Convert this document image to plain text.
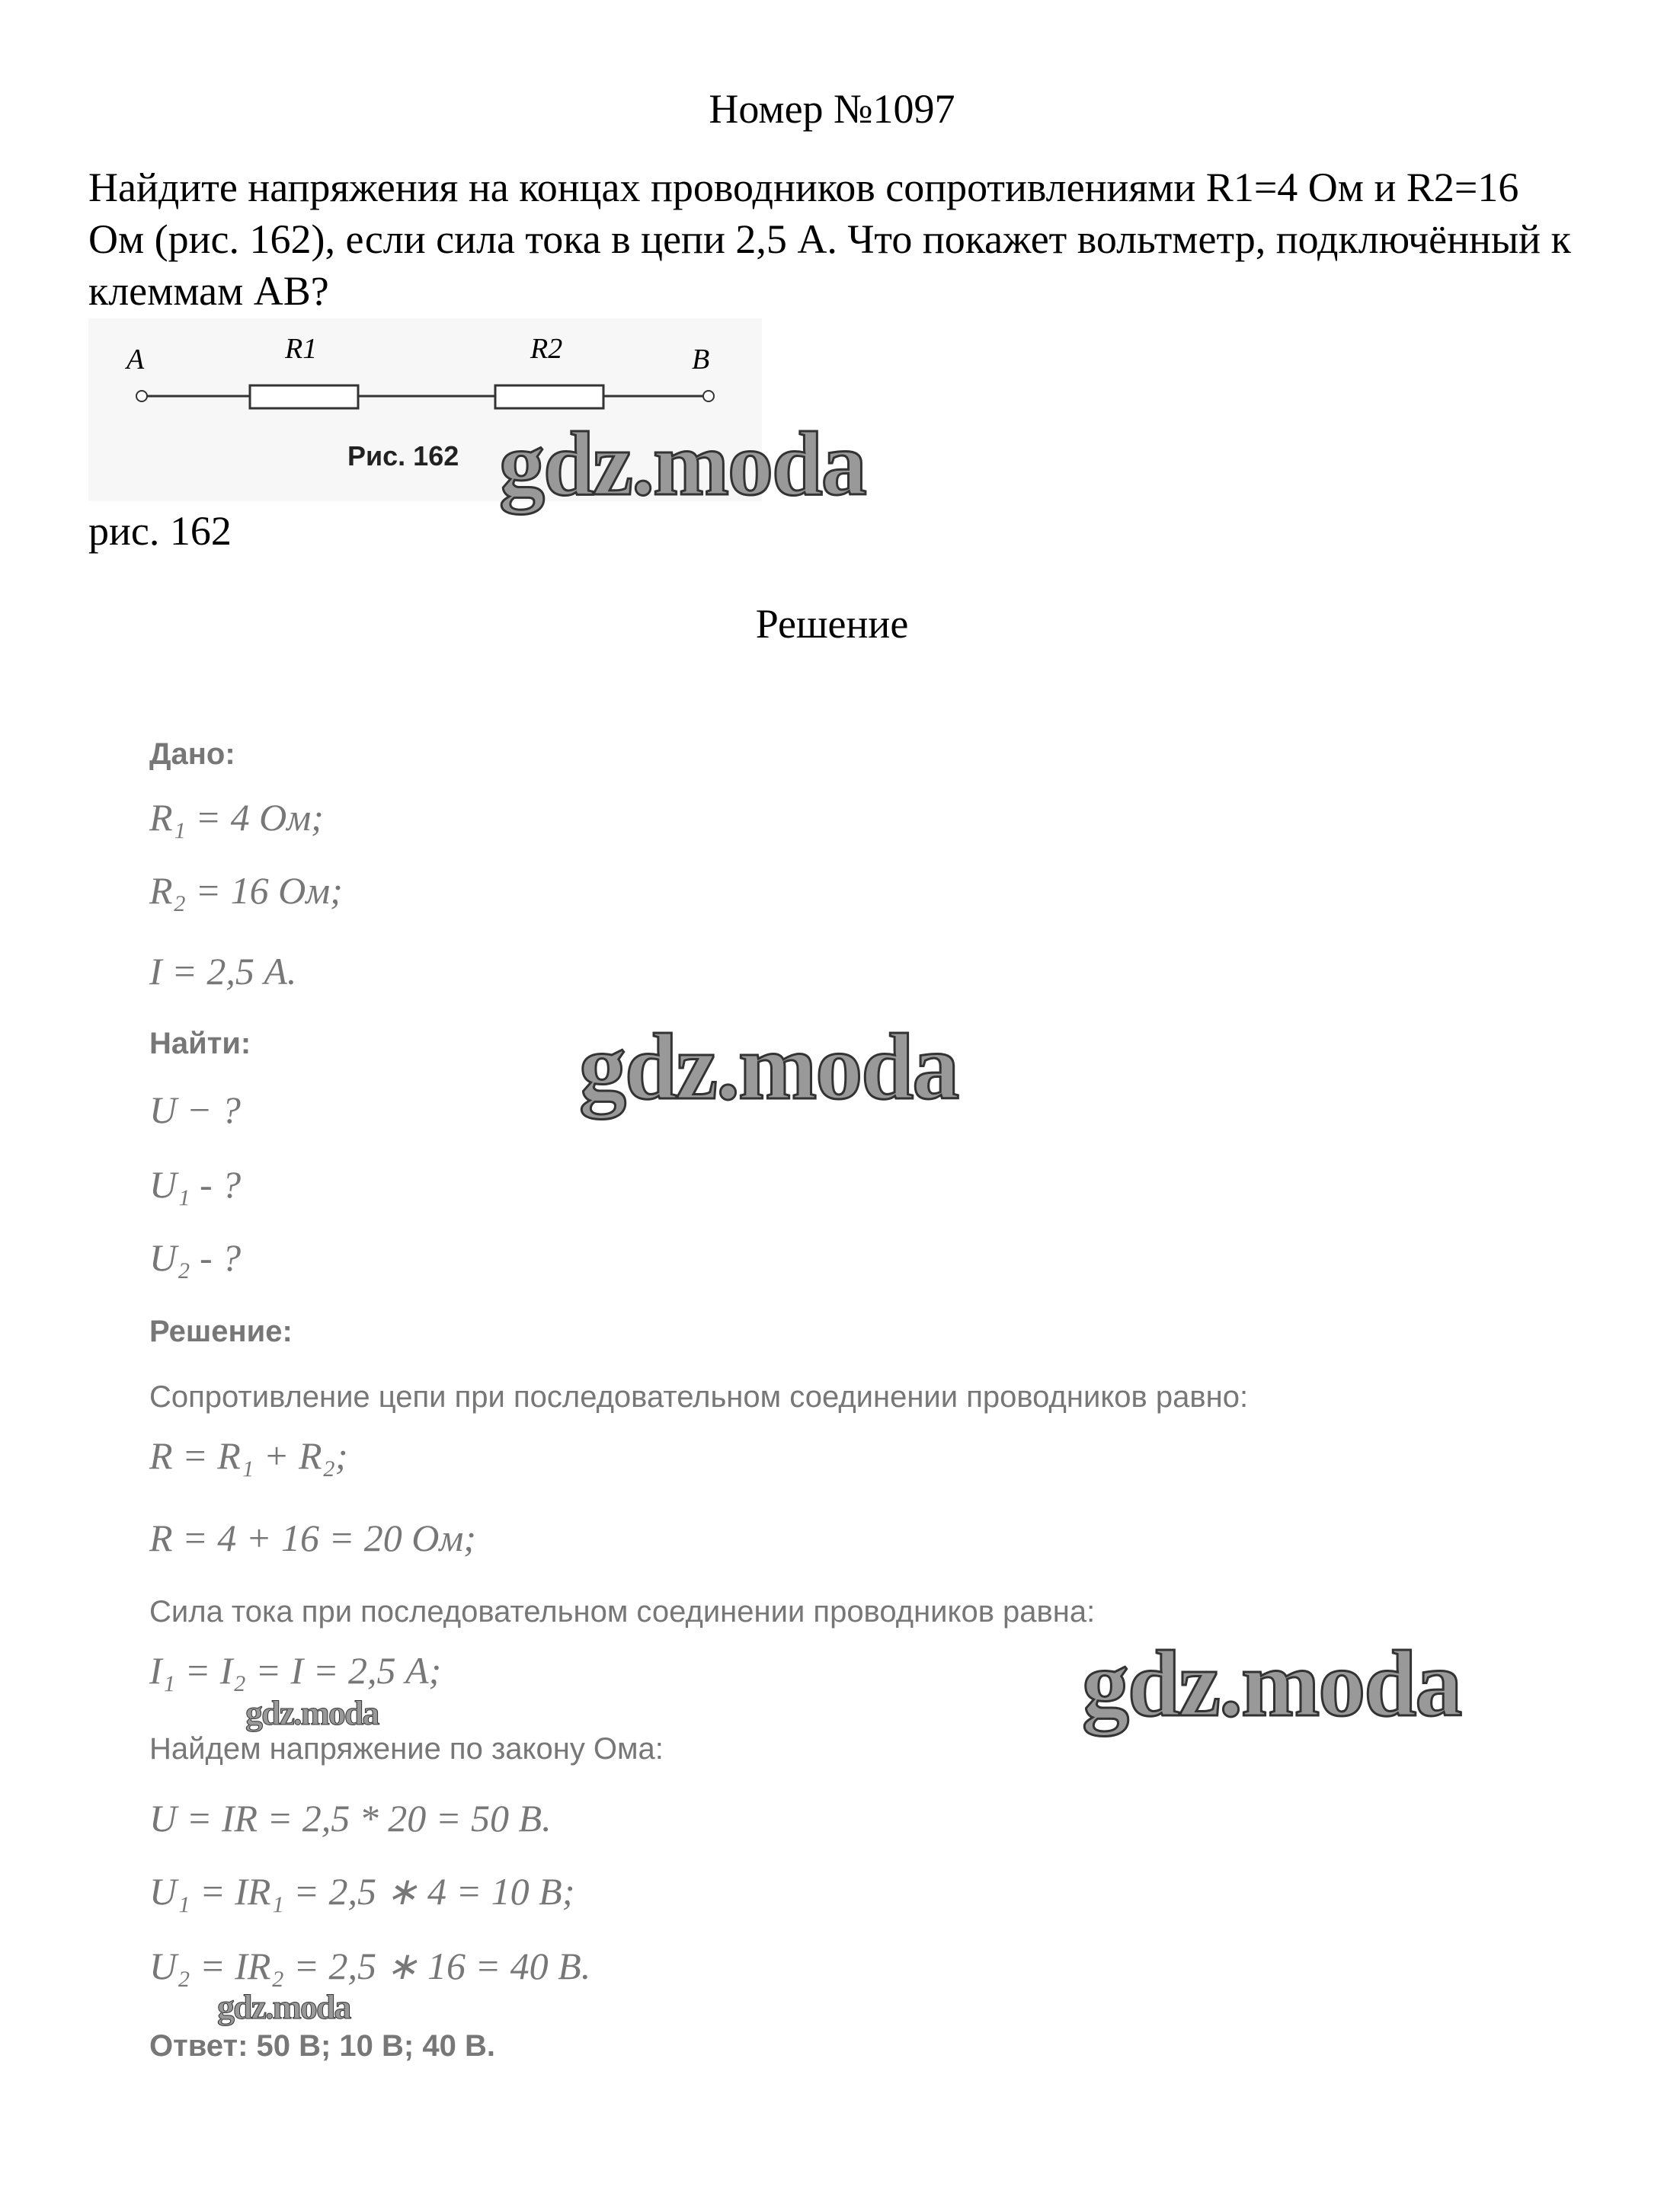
Номер №1097
Найдите напряжения на концах проводников сопротивлениями R1=4 Ом и R2=16 Ом (рис. 162), если сила тока в цепи 2,5 А. Что покажет вольтметр, подключённый к клеммам AB?
A	R1	R2	B
Рис. 162 gdz.moda
рис. 162
Решение
Дано:
R₁ = 4 Ом;
R₂ = 16 Ом;
I = 2,5 А.
Найти:
U − ?
U₁ - ?
U₂ - ?
Решение:
Сопротивление цепи при последовательном соединении проводников равно:
R = R₁ + R₂;
R = 4 + 16 = 20 Ом;
Сила тока при последовательном соединении проводников равна:
I₁ = I₂ = I = 2,5 А;
Найдем напряжение по закону Ома:
U = IR = 2,5 * 20 = 50 В.
U₁ = IR₁ = 2,5 ∗ 4 = 10 В;
U₂ = IR₂ = 2,5 ∗ 16 = 40 В.
Ответ: 50 В; 10 В; 40 В.
gdz.moda
gdz.moda
gdz.moda
gdz.moda
